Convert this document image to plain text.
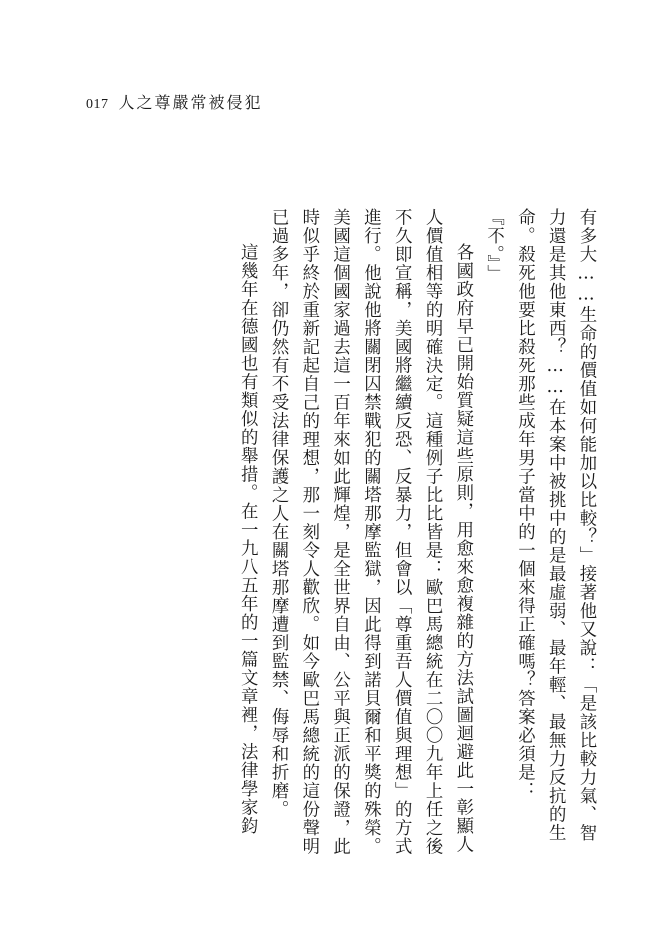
017 人之尊嚴常被侵犯

有多大……生命的價值如何能加以比較？」接著他又說：「是該比較力氣、智力還是其他東西？……在本案中被挑中的是最虛弱、最年輕、最無力反抗的生命。殺死他要比殺死那些成年男子當中的一個來得正確嗎？答案必須是：『不。』」

各國政府早已開始質疑這些原則，用愈來愈複雜的方法試圖迴避此一彰顯人人價值相等的明確決定。這種例子比比皆是：歐巴馬總統在二〇〇九年上任之後不久即宣稱，美國將繼續反恐、反暴力，但會以「尊重吾人價值與理想」的方式進行。他說他將關閉囚禁戰犯的關塔那摩監獄，因此得到諾貝爾和平獎的殊榮。美國這個國家過去這一百年來如此輝煌，是全世界自由、公平與正派的保證，此時似乎終於重新記起自己的理想，那一刻令人歡欣。如今歐巴馬總統的這份聲明已過多年，卻仍然有不受法律保護之人在關塔那摩遭到監禁、侮辱和折磨。

這幾年在德國也有類似的舉措。在一九八五年的一篇文章裡，法律學家鈞
